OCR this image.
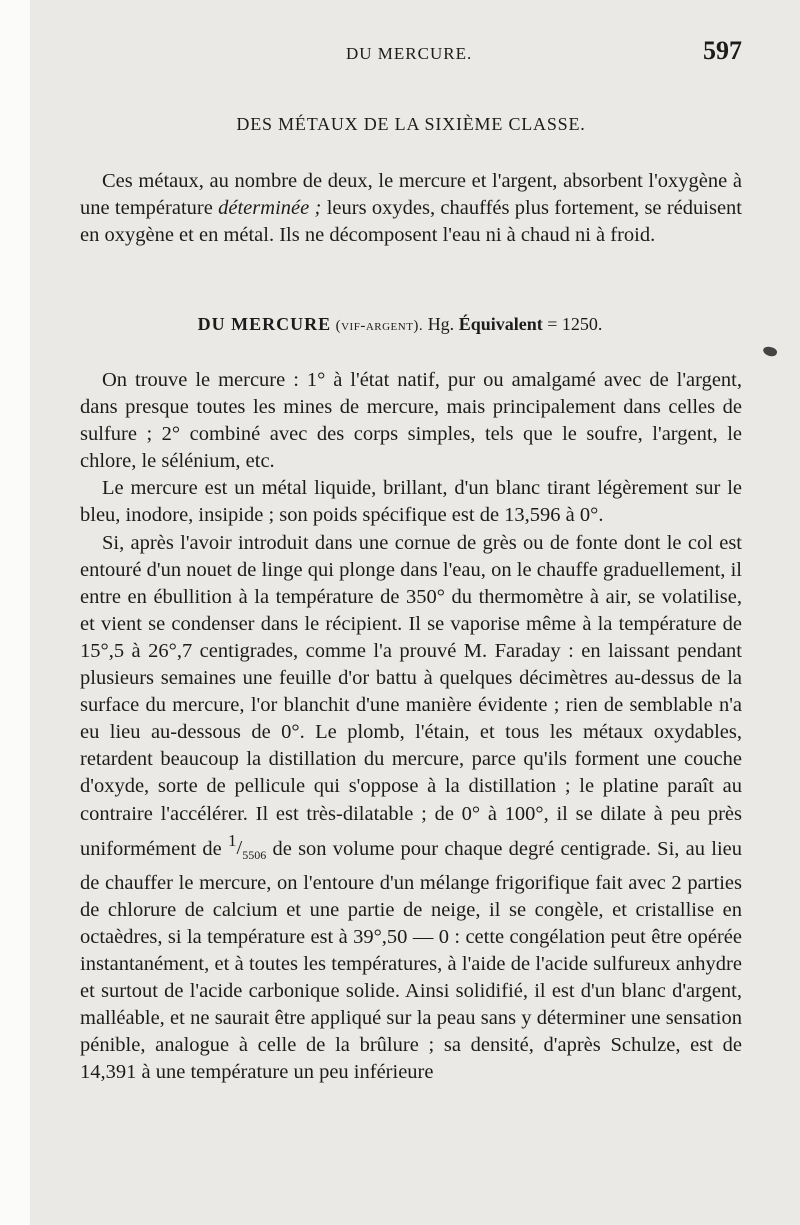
DU MERCURE.	597
DES MÉTAUX DE LA SIXIÈME CLASSE.

Ces métaux, au nombre de deux, le mercure et l'argent, absorbent l'oxygène à une température déterminée ; leurs oxydes, chauffés plus fortement, se réduisent en oxygène et en métal. Ils ne décomposent l'eau ni à chaud ni à froid.

DU MERCURE (vif-argent). Hg. Équivalent = 1250.

On trouve le mercure : 1° à l'état natif, pur ou amalgamé avec de l'argent, dans presque toutes les mines de mercure, mais principalement dans celles de sulfure ; 2° combiné avec des corps simples, tels que le soufre, l'argent, le chlore, le sélénium, etc.

Le mercure est un métal liquide, brillant, d'un blanc tirant légèrement sur le bleu, inodore, insipide ; son poids spécifique est de 13,596 à 0°.

Si, après l'avoir introduit dans une cornue de grès ou de fonte dont le col est entouré d'un nouet de linge qui plonge dans l'eau, on le chauffe graduellement, il entre en ébullition à la température de 350° du thermomètre à air, se volatilise, et vient se condenser dans le récipient. Il se vaporise même à la température de 15°,5 à 26°,7 centigrades, comme l'a prouvé M. Faraday : en laissant pendant plusieurs semaines une feuille d'or battu à quelques décimètres au-dessus de la surface du mercure, l'or blanchit d'une manière évidente ; rien de semblable n'a eu lieu au-dessous de 0°. Le plomb, l'étain, et tous les métaux oxydables, retardent beaucoup la distillation du mercure, parce qu'ils forment une couche d'oxyde, sorte de pellicule qui s'oppose à la distillation ; le platine paraît au contraire l'accélérer. Il est très-dilatable ; de 0° à 100°, il se dilate à peu près uniformément de $^1/_{5506}$ de son volume pour chaque degré centigrade. Si, au lieu de chauffer le mercure, on l'entoure d'un mélange frigorifique fait avec 2 parties de chlorure de calcium et une partie de neige, il se congèle, et cristallise en octaèdres, si la température est à 39°,50 — 0 : cette congélation peut être opérée instantanément, et à toutes les températures, à l'aide de l'acide sulfureux anhydre et surtout de l'acide carbonique solide. Ainsi solidifié, il est d'un blanc d'argent, malléable, et ne saurait être appliqué sur la peau sans y déterminer une sensation pénible, analogue à celle de la brûlure ; sa densité, d'après Schulze, est de 14,391 à une température un peu inférieure
